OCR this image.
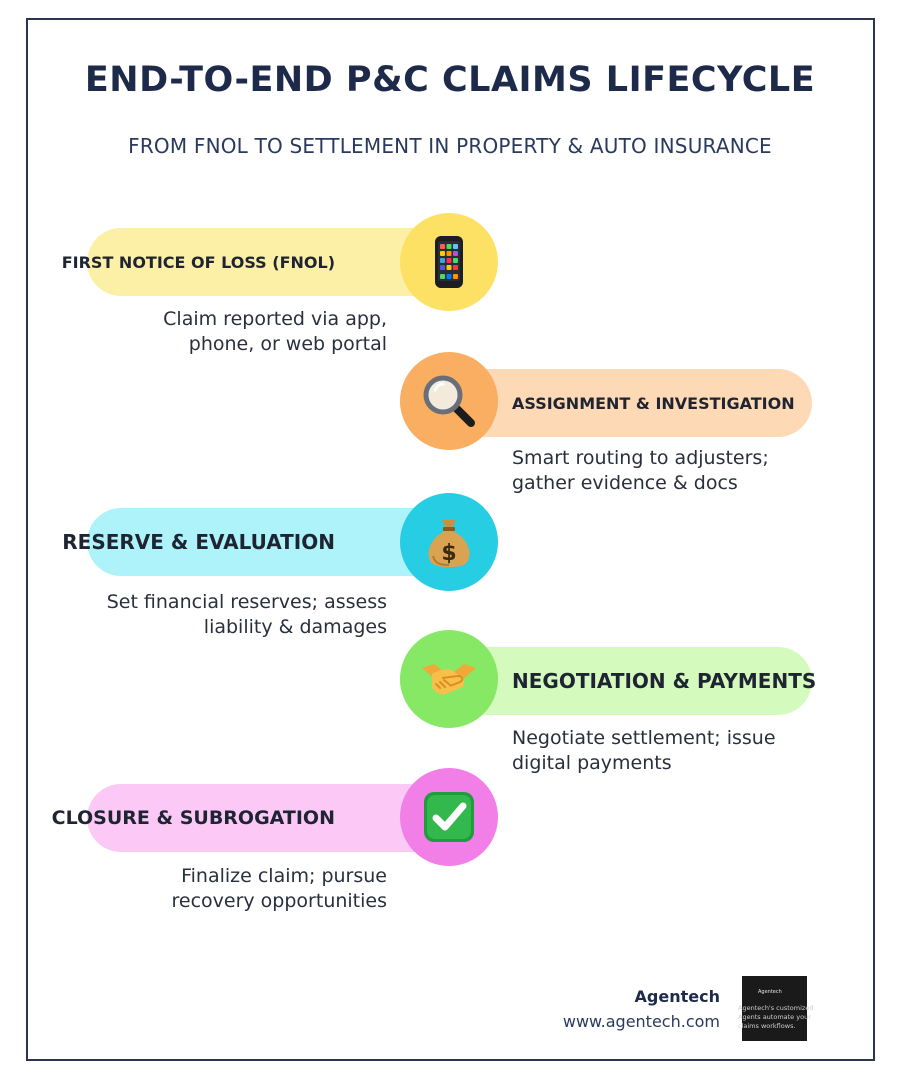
END-TO-END P&C CLAIMS LIFECYCLE
FROM FNOL TO SETTLEMENT IN PROPERTY & AUTO INSURANCE
FIRST NOTICE OF LOSS (FNOL)
Claim reported via app,
phone, or web portal
ASSIGNMENT & INVESTIGATION
Smart routing to adjusters;
gather evidence & docs
RESERVE & EVALUATION	$
Set financial reserves; assess
liability & damages
NEGOTIATION & PAYMENTS
Negotiate settlement; issue
digital payments
CLOSURE & SUBROGATION
Finalize claim; pursue
recovery opportunities
Agentech
www.agentech.com
Agentech
Agentech's customized
Agents automate your
claims workflows.
